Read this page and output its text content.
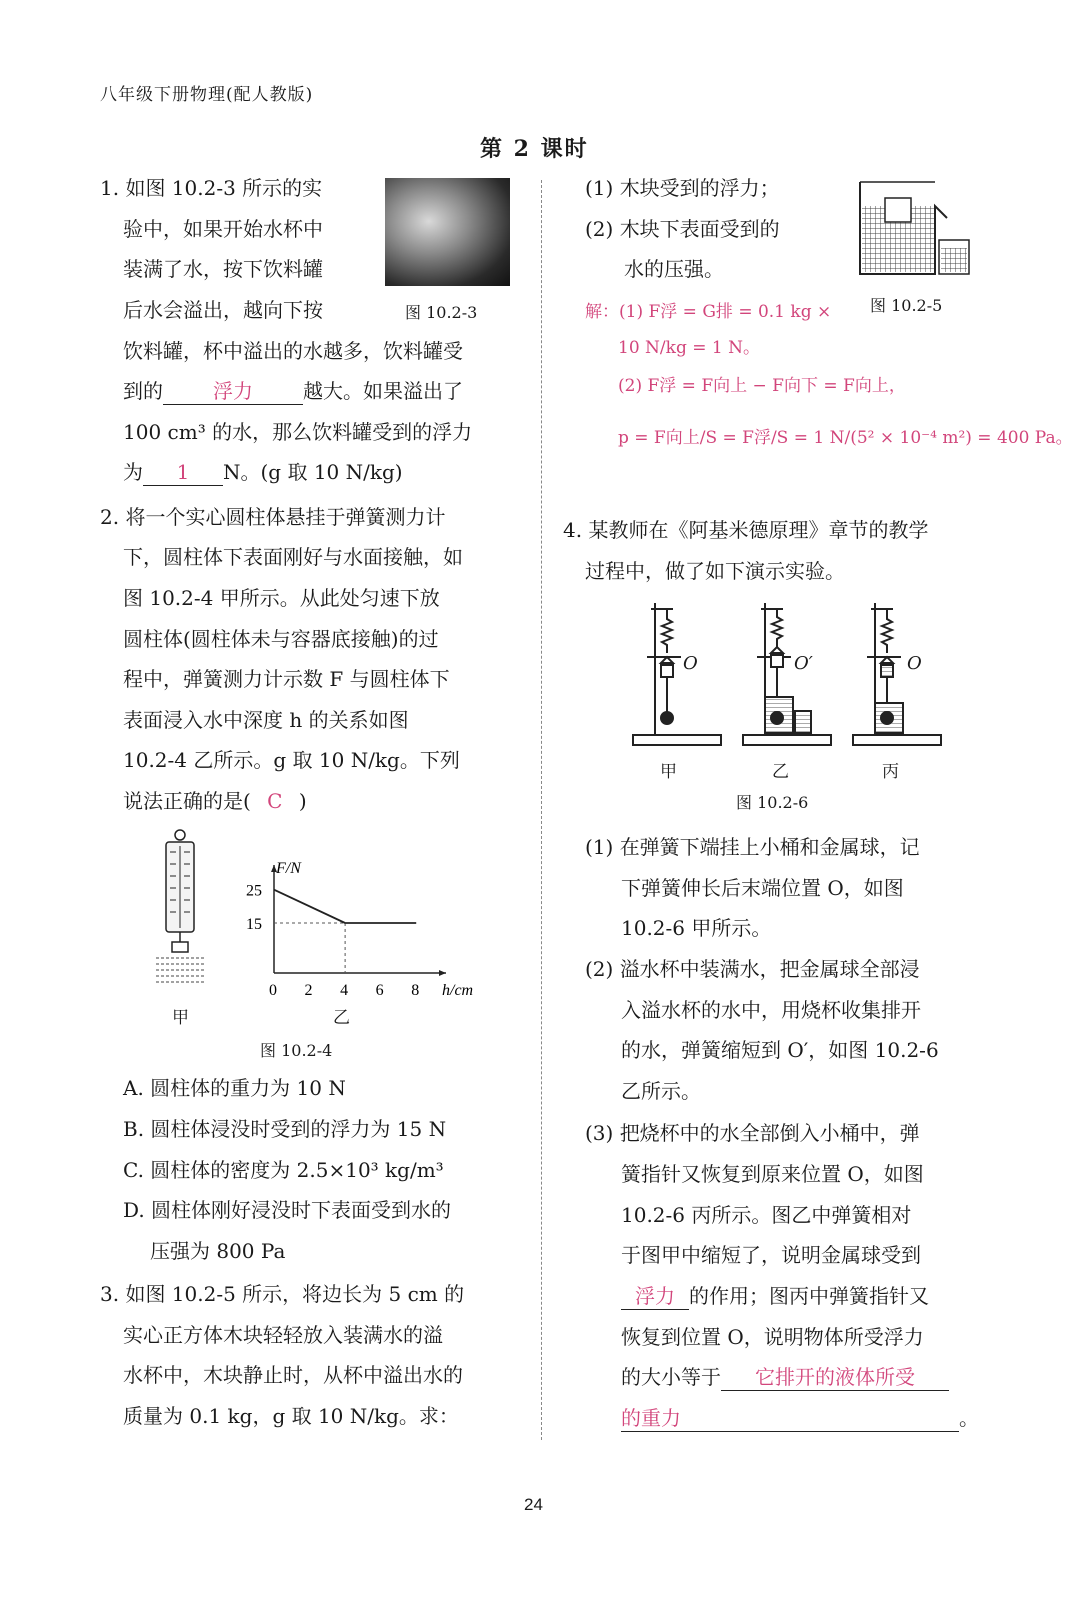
八年级下册物理(配人教版)
第 2 课时
1. 如图 10.2-3 所示的实
验中，如果开始水杯中
装满了水，按下饮料罐
后水会溢出，越向下按
饮料罐，杯中溢出的水越多，饮料罐受
到的	浮力	越大。如果溢出了
100 cm³ 的水，那么饮料罐受到的浮力
为 1 N。(g 取 10 N/kg)
图 10.2-3
2. 将一个实心圆柱体悬挂于弹簧测力计
下，圆柱体下表面刚好与水面接触，如
图 10.2-4 甲所示。从此处匀速下放
圆柱体(圆柱体未与容器底接触)的过
程中，弹簧测力计示数 F 与圆柱体下
表面浸入水中深度 h 的关系如图
10.2-4 乙所示。g 取 10 N/kg。下列
说法正确的是( C )
甲
F/N
h/cm
0 2 4 6 8
25
15
乙
图 10.2-4
A. 圆柱体的重力为 10 N
B. 圆柱体浸没时受到的浮力为 15 N
C. 圆柱体的密度为 2.5×10³ kg/m³
D. 圆柱体刚好浸没时下表面受到水的
压强为 800 Pa
3. 如图 10.2-5 所示，将边长为 5 cm 的
实心正方体木块轻轻放入装满水的溢
水杯中，木块静止时，从杯中溢出水的
质量为 0.1 kg，g 取 10 N/kg。求：
(1) 木块受到的浮力；
(2) 木块下表面受到的
水的压强。
图 10.2-5
解：(1) F浮 = G排 = 0.1 kg ×
10 N/kg = 1 N。
(2) F浮 = F向上 − F向下 = F向上，
p = F向上/S = F浮/S = 1 N/(5² × 10⁻⁴ m²) = 400 Pa。
4. 某教师在《阿基米德原理》章节的教学
过程中，做了如下演示实验。
O	O′	O
甲	乙	丙
图 10.2-6
(1) 在弹簧下端挂上小桶和金属球，记
下弹簧伸长后末端位置 O，如图
10.2-6 甲所示。
(2) 溢水杯中装满水，把金属球全部浸
入溢水杯的水中，用烧杯收集排开
的水，弹簧缩短到 O′，如图 10.2-6
乙所示。
(3) 把烧杯中的水全部倒入小桶中，弹
簧指针又恢复到原来位置 O，如图
10.2-6 丙所示。图乙中弹簧相对
于图甲中缩短了，说明金属球受到
浮力 的作用；图丙中弹簧指针又
恢复到位置 O，说明物体所受浮力
的大小等于 它排开的液体所受
的重力	。
24
